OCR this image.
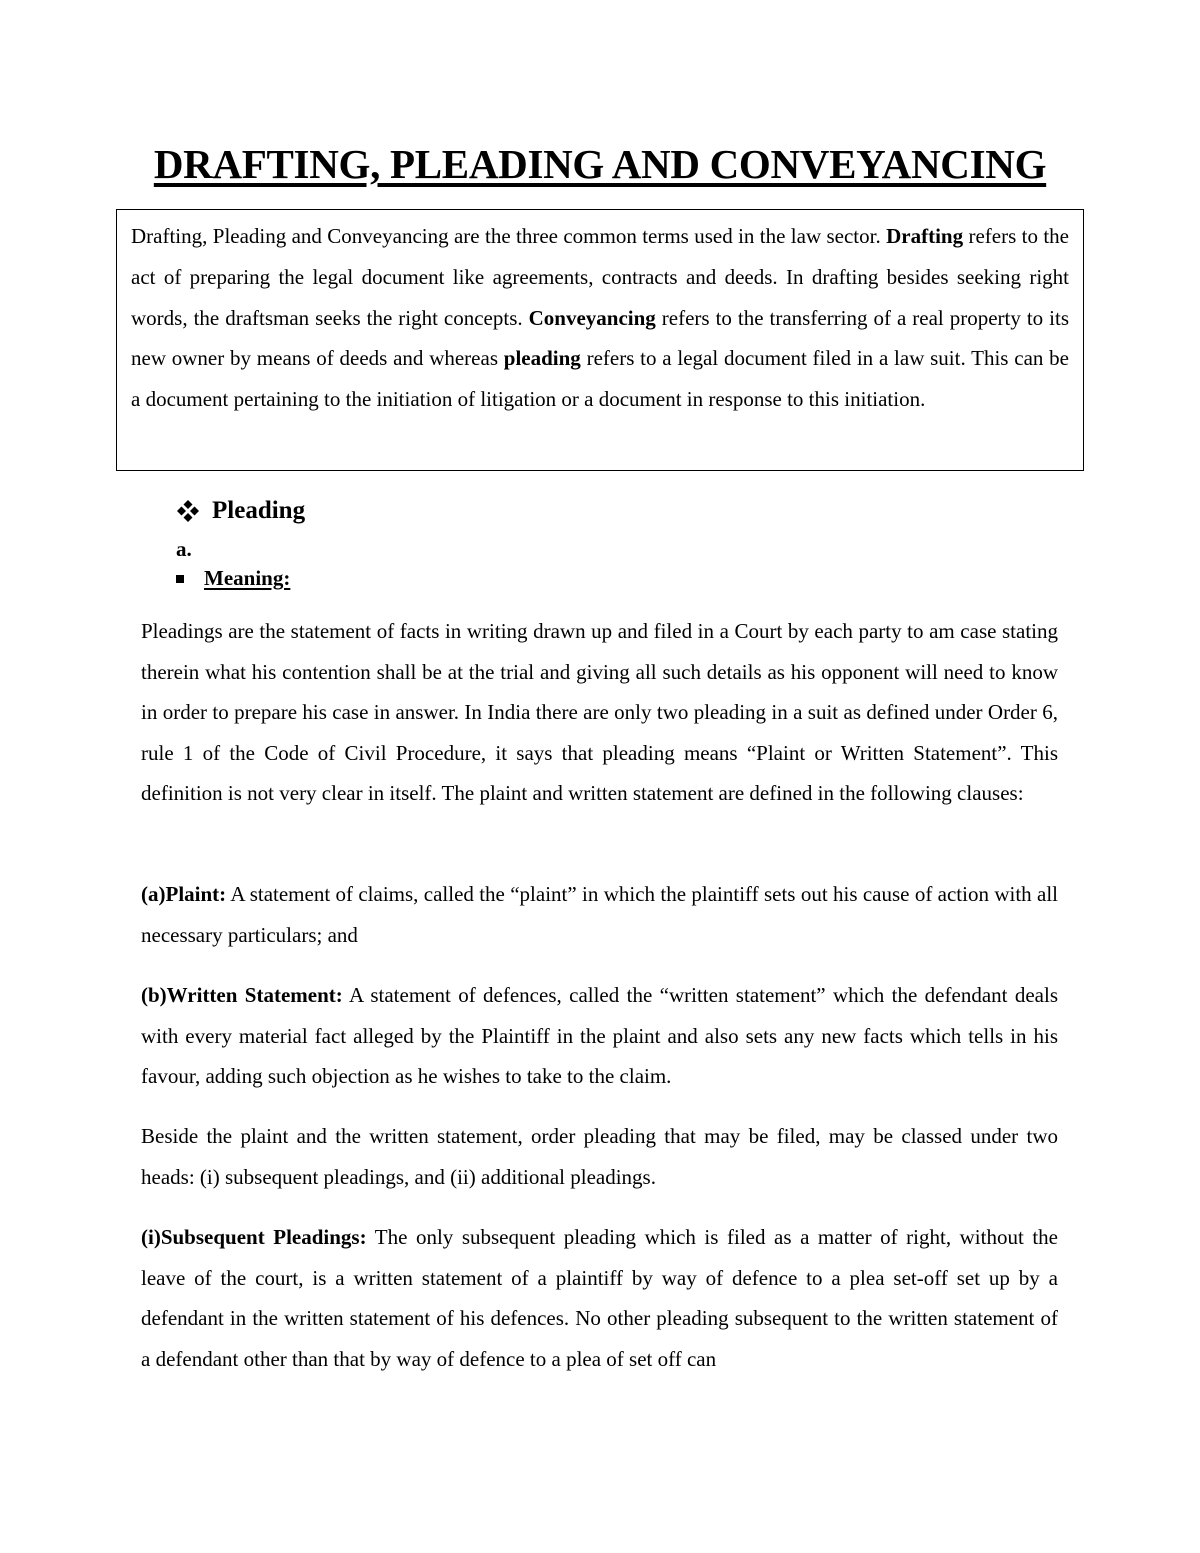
DRAFTING, PLEADING AND CONVEYANCING

Drafting, Pleading and Conveyancing are the three common terms used in the law sector. Drafting refers to the act of preparing the legal document like agreements, contracts and deeds. In drafting besides seeking right words, the draftsman seeks the right concepts. Conveyancing refers to the transferring of a real property to its new owner by means of deeds and whereas pleading refers to a legal document filed in a law suit. This can be a document pertaining to the initiation of litigation or a document in response to this initiation.

Pleading

a.

Meaning:

Pleadings are the statement of facts in writing drawn up and filed in a Court by each party to am case stating therein what his contention shall be at the trial and giving all such details as his opponent will need to know in order to prepare his case in answer. In India there are only two pleading in a suit as defined under Order 6, rule 1 of the Code of Civil Procedure, it says that pleading means “Plaint or Written Statement”. This definition is not very clear in itself. The plaint and written statement are defined in the following clauses:

(a)Plaint: A statement of claims, called the “plaint” in which the plaintiff sets out his cause of action with all necessary particulars; and

(b)Written Statement: A statement of defences, called the “written statement” which the defendant deals with every material fact alleged by the Plaintiff in the plaint and also sets any new facts which tells in his favour, adding such objection as he wishes to take to the claim.

Beside the plaint and the written statement, order pleading that may be filed, may be classed under two heads: (i) subsequent pleadings, and (ii) additional pleadings.

(i)Subsequent Pleadings: The only subsequent pleading which is filed as a matter of right, without the leave of the court, is a written statement of a plaintiff by way of defence to a plea set-off set up by a defendant in the written statement of his defences. No other pleading subsequent to the written statement of a defendant other than that by way of defence to a plea of set off can
